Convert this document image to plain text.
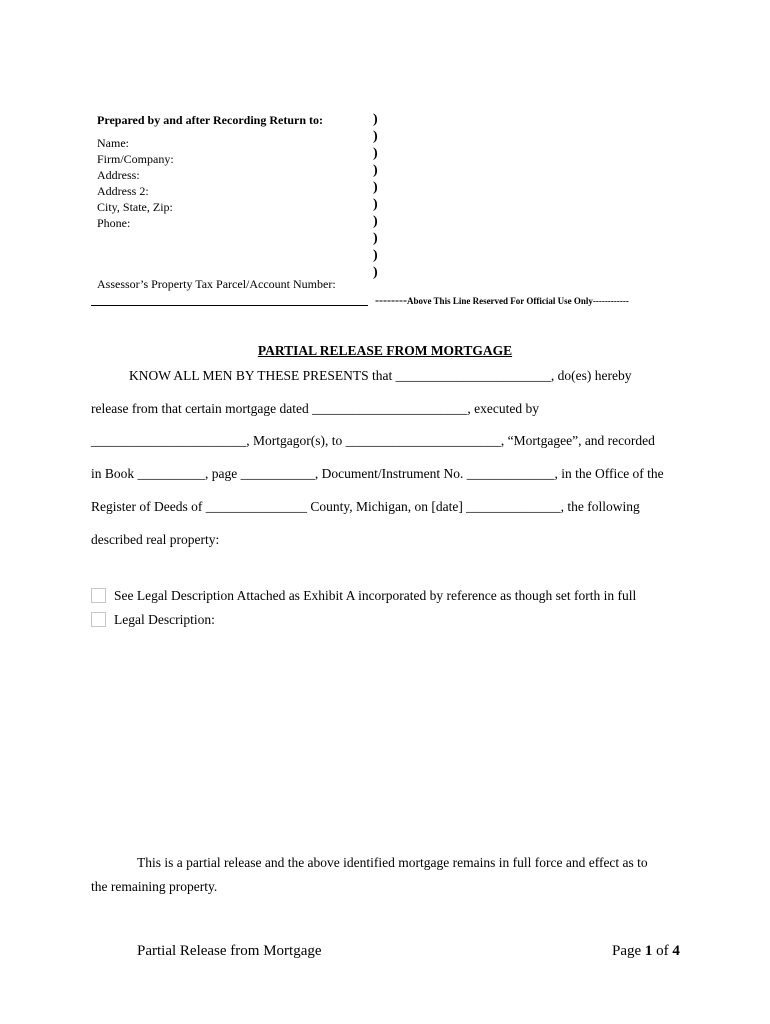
Prepared by and after Recording Return to:
Name:
Firm/Company:
Address:
Address 2:
City, State, Zip:
Phone:
Assessor’s Property Tax Parcel/Account Number:
)
)
)
)
)
)
)
)
)
)
--------Above This Line Reserved For Official Use Only------------
PARTIAL RELEASE FROM MORTGAGE
KNOW ALL MEN BY THESE PRESENTS that _______________________, do(es) hereby
release from that certain mortgage dated _______________________, executed by
_______________________, Mortgagor(s), to _______________________, “Mortgagee”, and recorded
in Book __________, page ___________, Document/Instrument No. _____________, in the Office of the
Register of Deeds of _______________ County, Michigan, on [date] ______________, the following
described real property:
See Legal Description Attached as Exhibit A incorporated by reference as though set forth in full
Legal Description:
This is a partial release and the above identified mortgage remains in full force and effect as to
the remaining property.
Partial Release from Mortgage	Page 1 of 4
